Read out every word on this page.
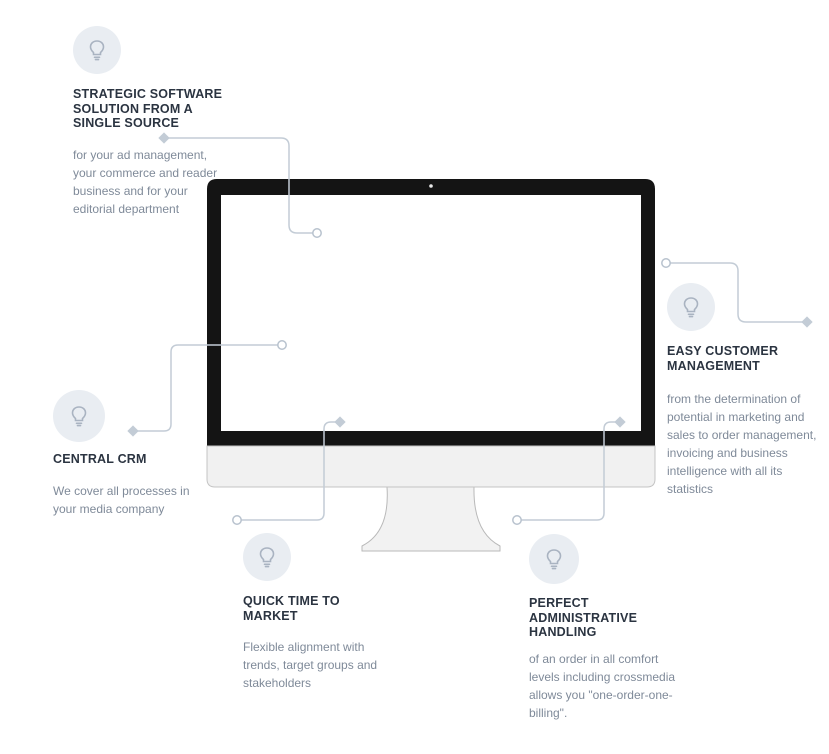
STRATEGIC SOFTWARE SOLUTION FROM A SINGLE SOURCE

for your ad management, your commerce and reader business and for your editorial department

EASY CUSTOMER MANAGEMENT

from the determination of potential in marketing and sales to order management, invoicing and business intelligence with all its statistics

CENTRAL CRM

We cover all processes in your media company

QUICK TIME TO MARKET

Flexible alignment with trends, target groups and stakeholders

PERFECT ADMINISTRATIVE HANDLING

of an order in all comfort levels including crossmedia allows you "one-order-one-billing".
